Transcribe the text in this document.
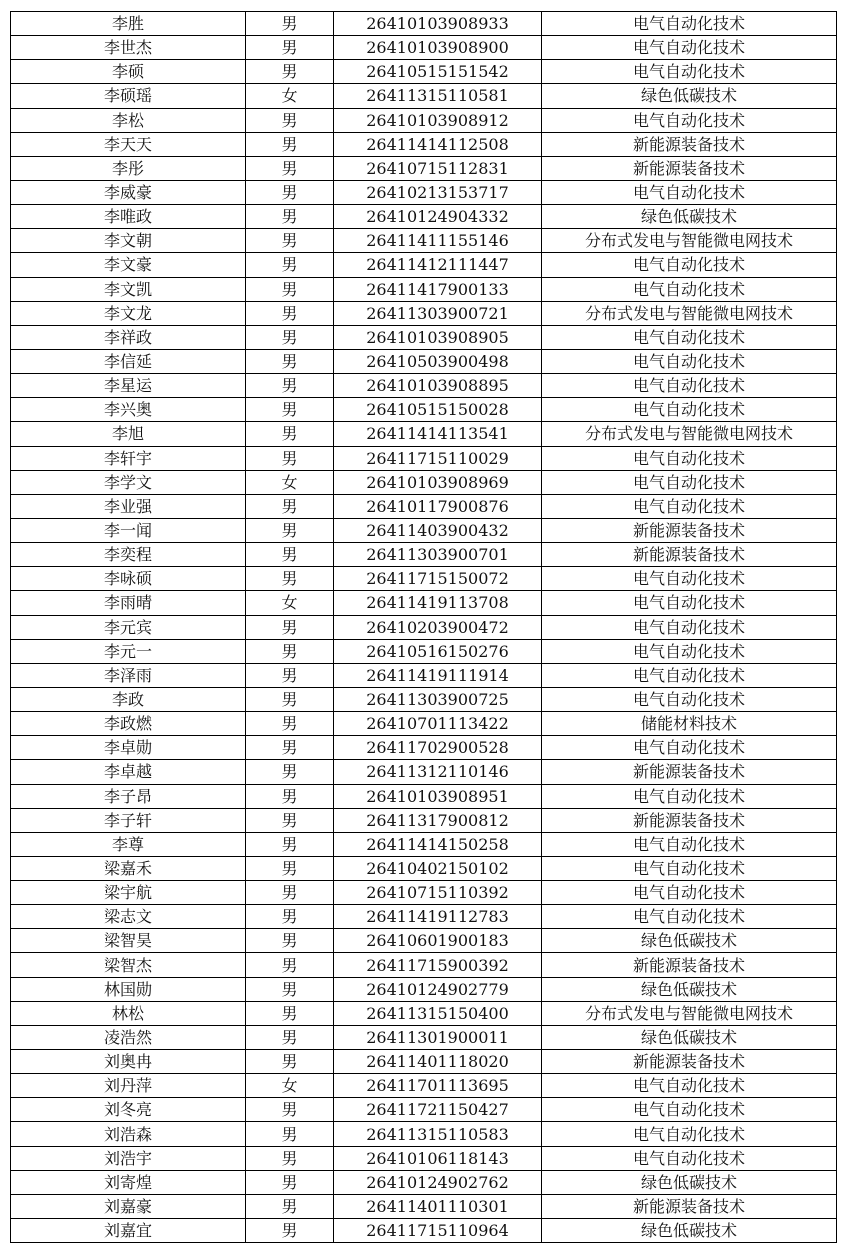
李胜	男	26410103908933	电气自动化技术
李世杰	男	26410103908900	电气自动化技术
李硕	男	26410515151542	电气自动化技术
李硕瑶	女	26411315110581	绿色低碳技术
李松	男	26410103908912	电气自动化技术
李天天	男	26411414112508	新能源装备技术
李彤	男	26410715112831	新能源装备技术
李威豪	男	26410213153717	电气自动化技术
李唯政	男	26410124904332	绿色低碳技术
李文朝	男	26411411155146	分布式发电与智能微电网技术
李文豪	男	26411412111447	电气自动化技术
李文凯	男	26411417900133	电气自动化技术
李文龙	男	26411303900721	分布式发电与智能微电网技术
李祥政	男	26410103908905	电气自动化技术
李信延	男	26410503900498	电气自动化技术
李星运	男	26410103908895	电气自动化技术
李兴奥	男	26410515150028	电气自动化技术
李旭	男	26411414113541	分布式发电与智能微电网技术
李轩宇	男	26411715110029	电气自动化技术
李学文	女	26410103908969	电气自动化技术
李业强	男	26410117900876	电气自动化技术
李一闻	男	26411403900432	新能源装备技术
李奕程	男	26411303900701	新能源装备技术
李咏硕	男	26411715150072	电气自动化技术
李雨晴	女	26411419113708	电气自动化技术
李元宾	男	26410203900472	电气自动化技术
李元一	男	26410516150276	电气自动化技术
李泽雨	男	26411419111914	电气自动化技术
李政	男	26411303900725	电气自动化技术
李政燃	男	26410701113422	储能材料技术
李卓勋	男	26411702900528	电气自动化技术
李卓越	男	26411312110146	新能源装备技术
李子昂	男	26410103908951	电气自动化技术
李子轩	男	26411317900812	新能源装备技术
李尊	男	26411414150258	电气自动化技术
梁嘉禾	男	26410402150102	电气自动化技术
梁宇航	男	26410715110392	电气自动化技术
梁志文	男	26411419112783	电气自动化技术
梁智昊	男	26410601900183	绿色低碳技术
梁智杰	男	26411715900392	新能源装备技术
林国勋	男	26410124902779	绿色低碳技术
林松	男	26411315150400	分布式发电与智能微电网技术
凌浩然	男	26411301900011	绿色低碳技术
刘奥冉	男	26411401118020	新能源装备技术
刘丹萍	女	26411701113695	电气自动化技术
刘冬亮	男	26411721150427	电气自动化技术
刘浩森	男	26411315110583	电气自动化技术
刘浩宇	男	26410106118143	电气自动化技术
刘寄煌	男	26410124902762	绿色低碳技术
刘嘉豪	男	26411401110301	新能源装备技术
刘嘉宜	男	26411715110964	绿色低碳技术
